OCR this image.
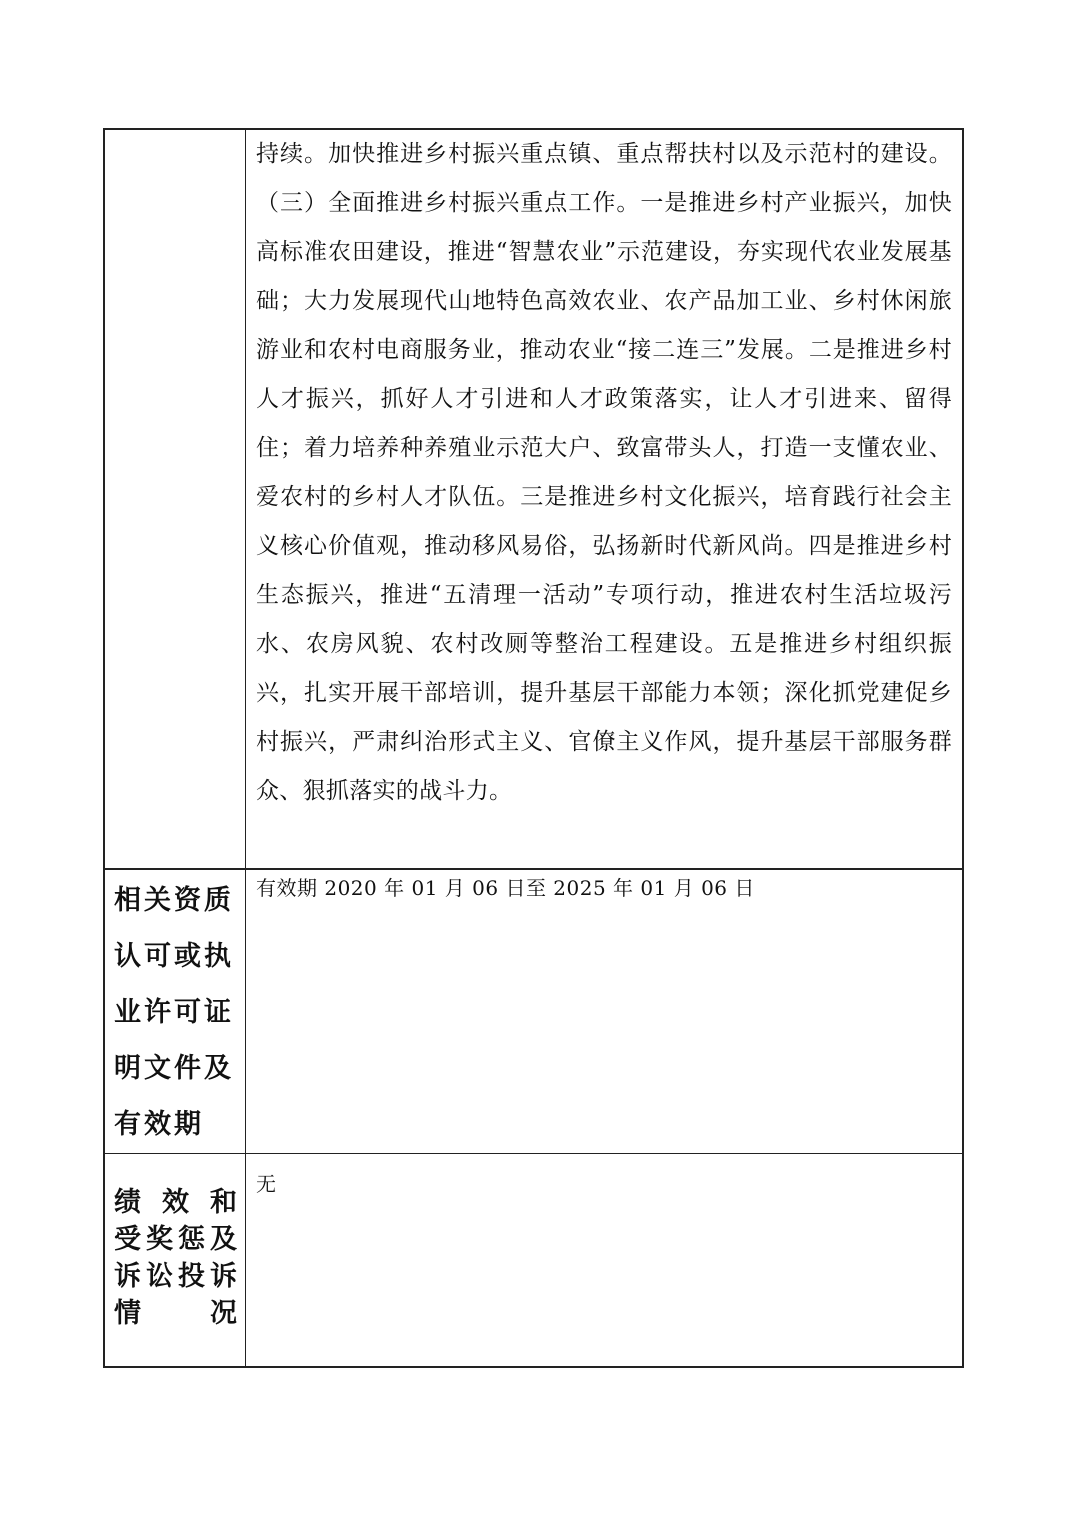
	持续。加快推进乡村振兴重点镇、重点帮扶村以及示范村的建设。（三）全面推进乡村振兴重点工作。一是推进乡村产业振兴，加快高标准农田建设，推进“智慧农业”示范建设，夯实现代农业发展基础；大力发展现代山地特色高效农业、农产品加工业、乡村休闲旅游业和农村电商服务业，推动农业“接二连三”发展。二是推进乡村人才振兴，抓好人才引进和人才政策落实，让人才引进来、留得住；着力培养种养殖业示范大户、致富带头人，打造一支懂农业、爱农村的乡村人才队伍。三是推进乡村文化振兴，培育践行社会主义核心价值观，推动移风易俗，弘扬新时代新风尚。四是推进乡村生态振兴，推进“五清理一活动”专项行动，推进农村生活垃圾污水、农房风貌、农村改厕等整治工程建设。五是推进乡村组织振兴，扎实开展干部培训，提升基层干部能力本领；深化抓党建促乡村振兴，严肃纠治形式主义、官僚主义作风，提升基层干部服务群众、狠抓落实的战斗力。

相关资质
认可或执
业许可证
明文件及
有效期	有效期 2020 年 01 月 06 日至 2025 年 01 月 06 日

绩 效 和
受奖惩及
诉讼投诉
情 况	无
